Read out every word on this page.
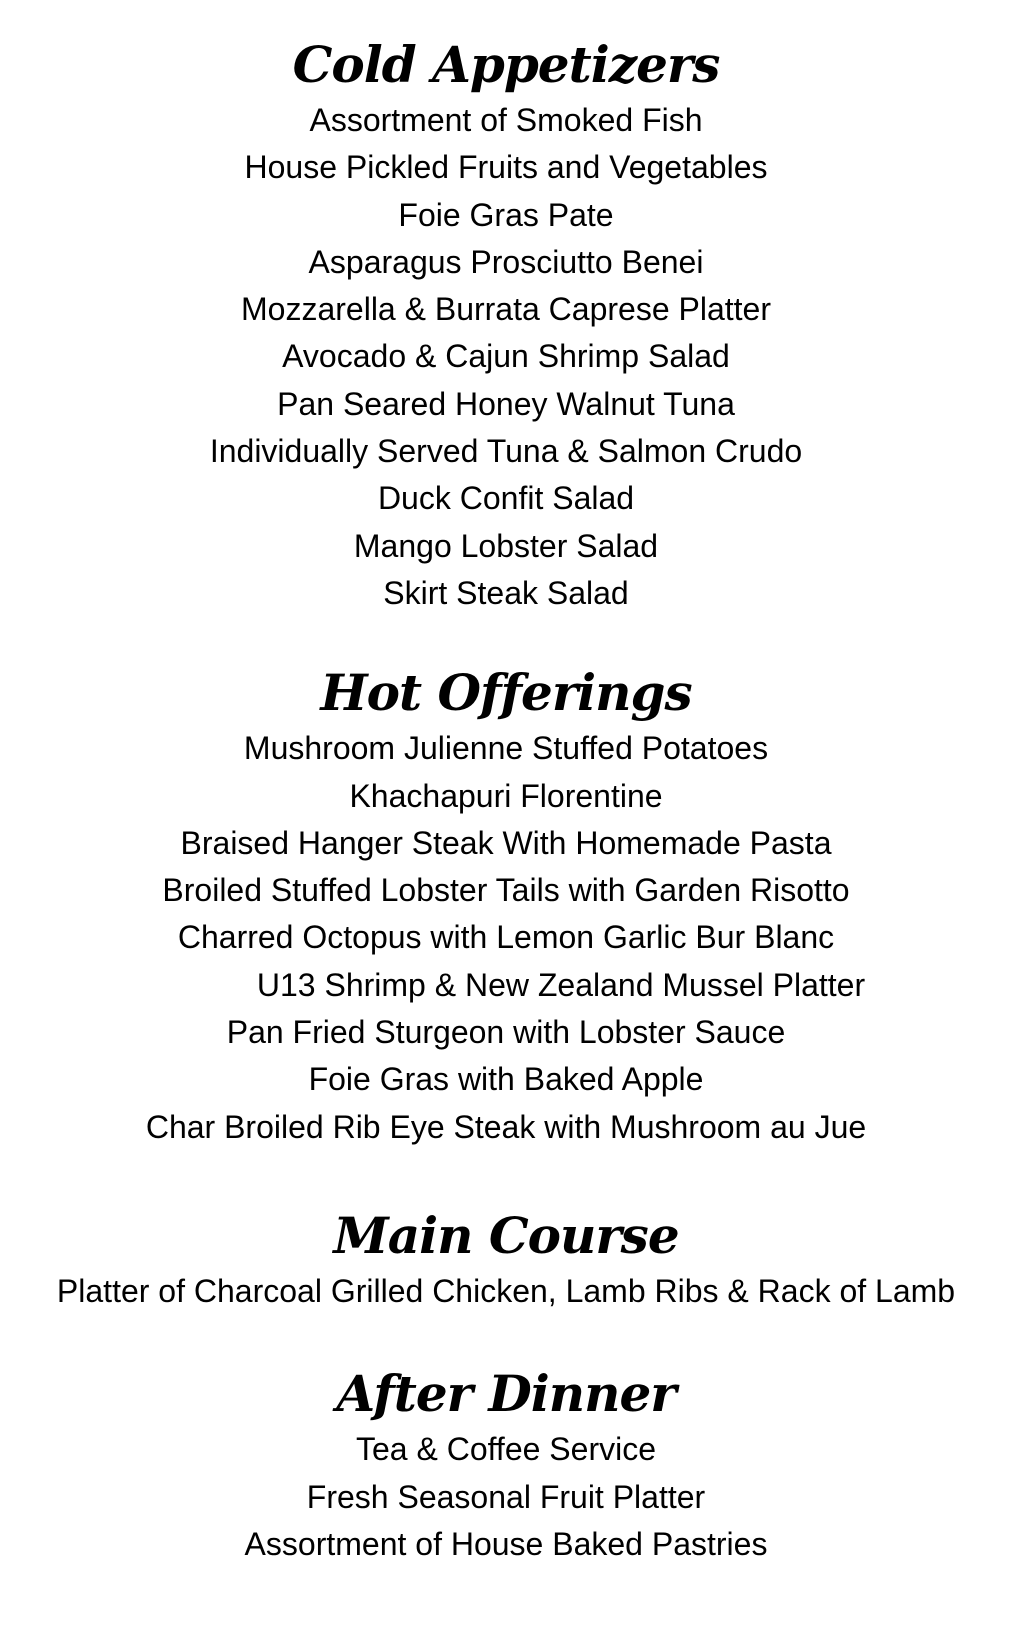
Cold Appetizers
Assortment of Smoked Fish
House Pickled Fruits and Vegetables
Foie Gras Pate
Asparagus Prosciutto Benei
Mozzarella & Burrata Caprese Platter
Avocado & Cajun Shrimp Salad
Pan Seared Honey Walnut Tuna
Individually Served Tuna & Salmon Crudo
Duck Confit Salad
Mango Lobster Salad
Skirt Steak Salad
Hot Offerings
Mushroom Julienne Stuffed Potatoes
Khachapuri Florentine
Braised Hanger Steak With Homemade Pasta
Broiled Stuffed Lobster Tails with Garden Risotto
Charred Octopus with Lemon Garlic Bur Blanc
U13 Shrimp & New Zealand Mussel Platter
Pan Fried Sturgeon with Lobster Sauce
Foie Gras with Baked Apple
Char Broiled Rib Eye Steak with Mushroom au Jue
Main Course
Platter of Charcoal Grilled Chicken, Lamb Ribs & Rack of Lamb
After Dinner
Tea & Coffee Service
Fresh Seasonal Fruit Platter
Assortment of House Baked Pastries
